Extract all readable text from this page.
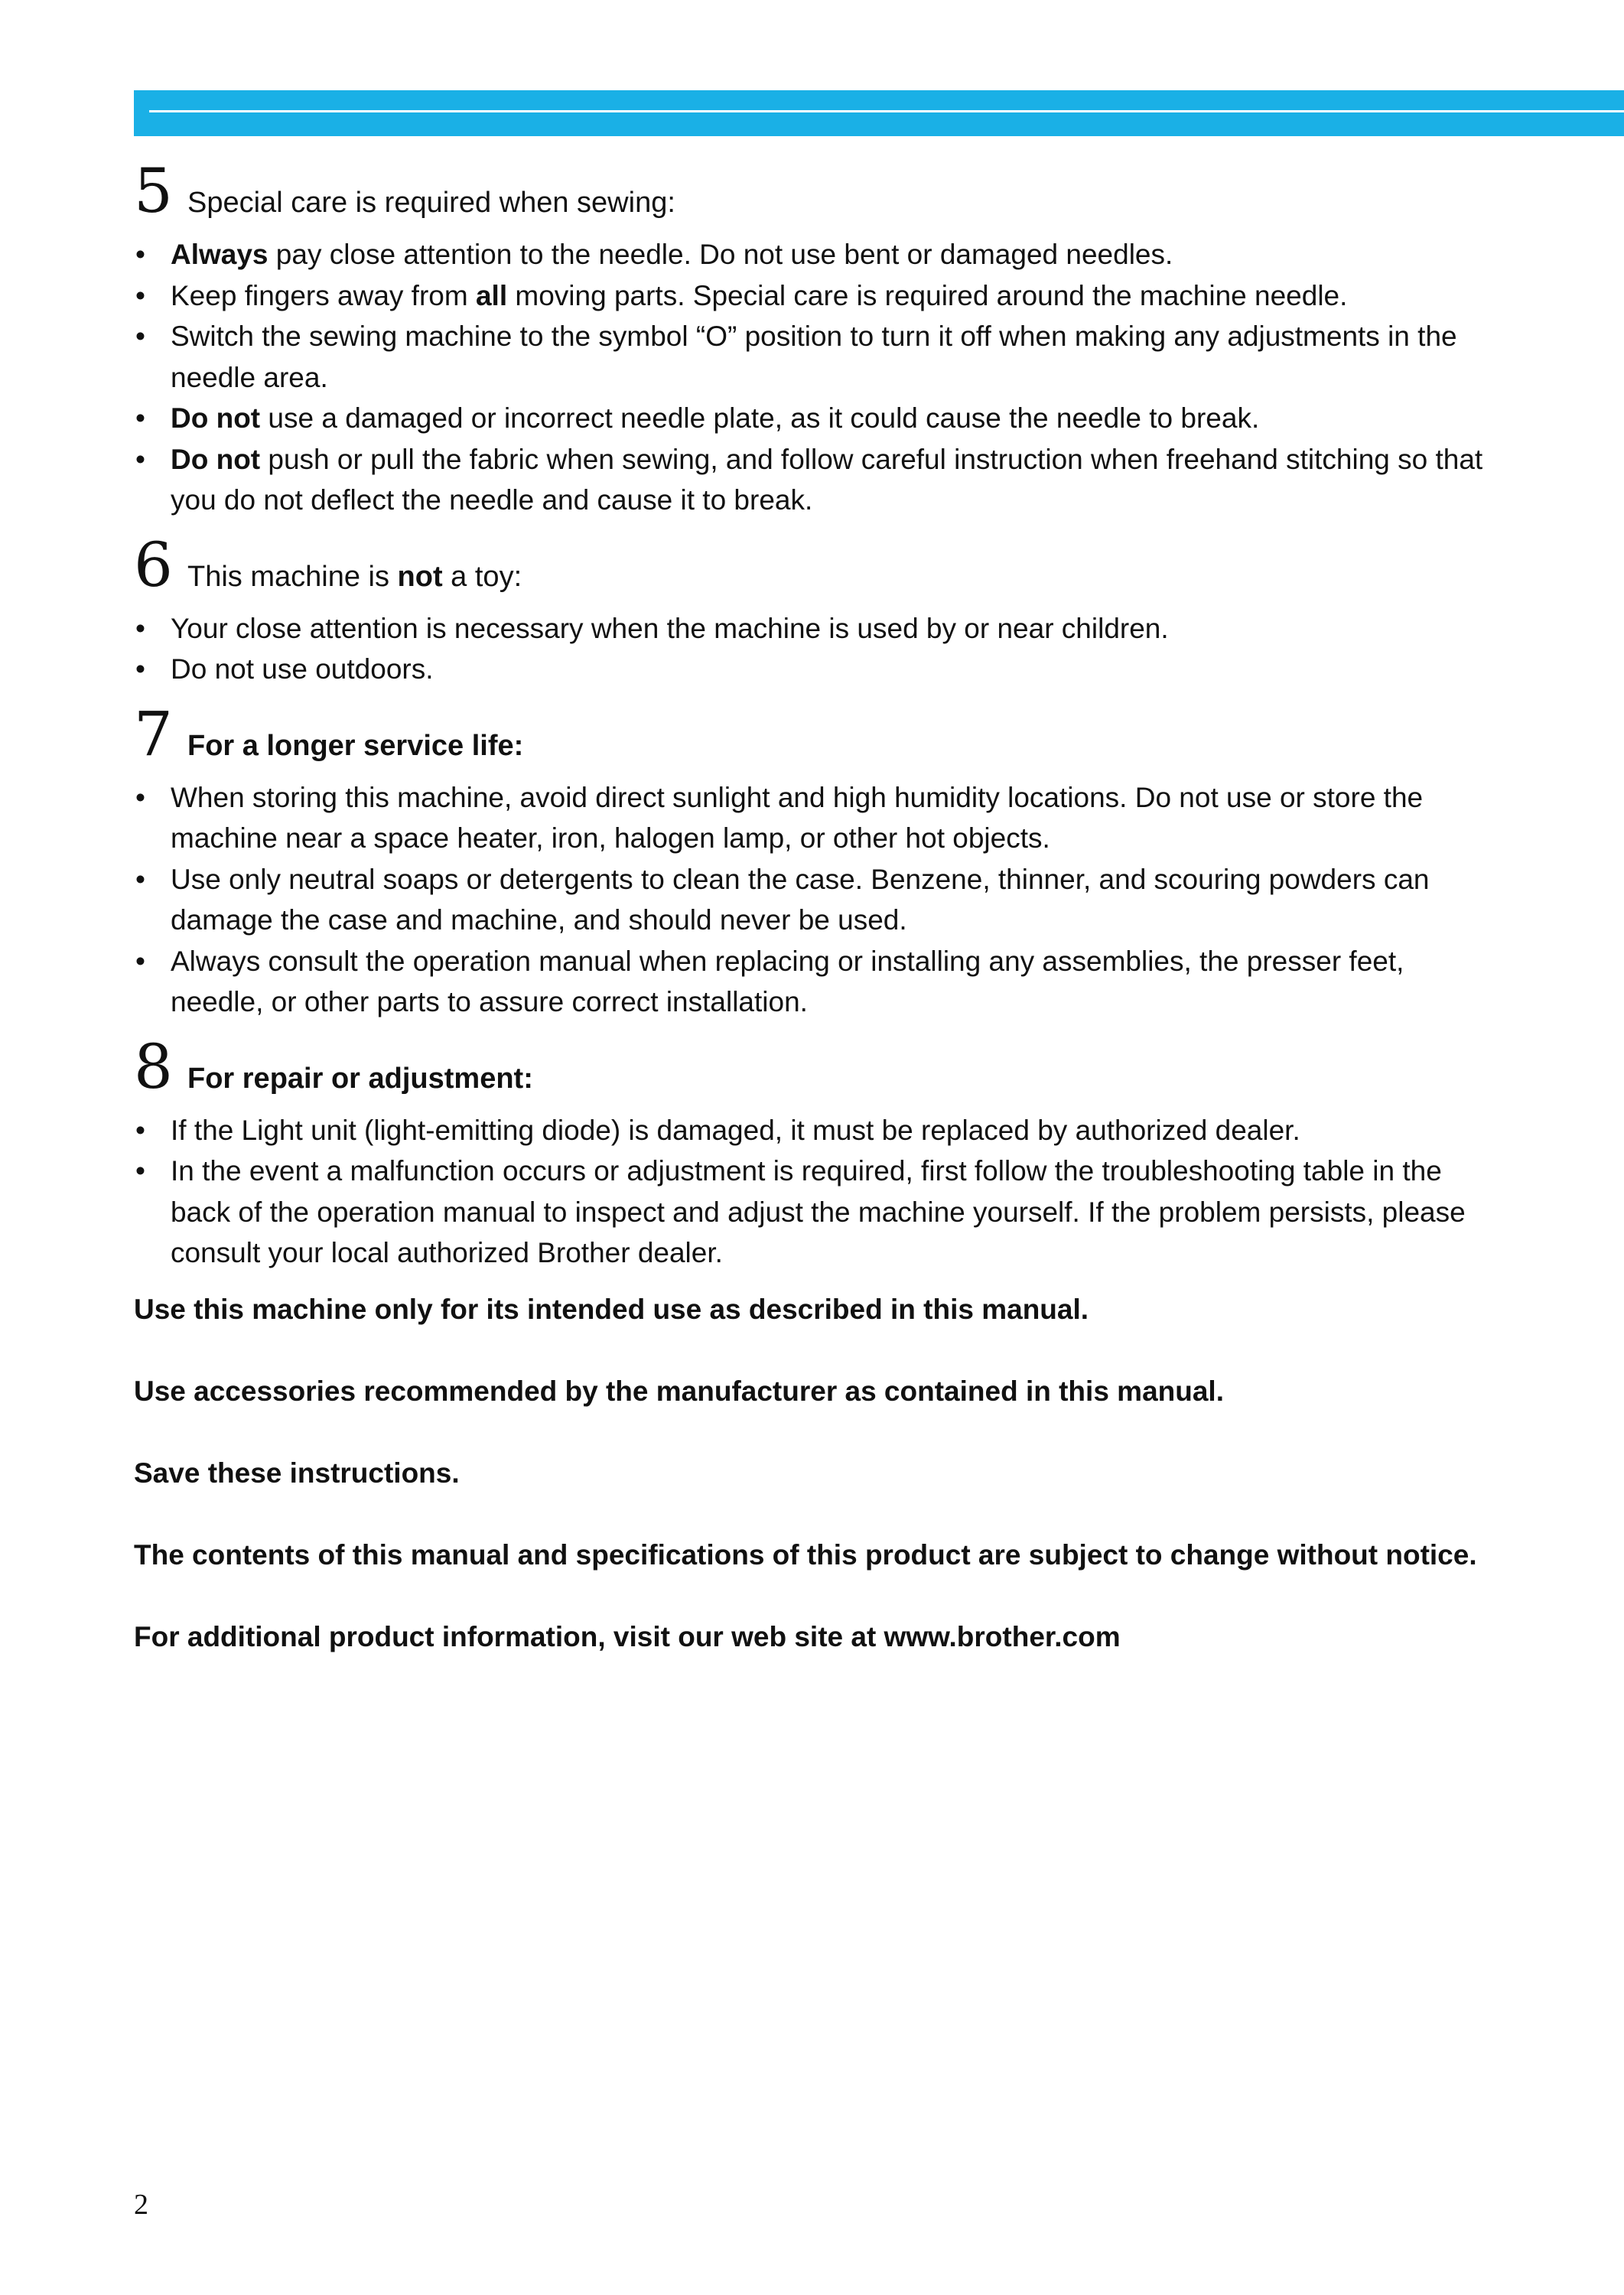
5 Special care is required when sewing:
• Always pay close attention to the needle. Do not use bent or damaged needles.
• Keep fingers away from all moving parts. Special care is required around the machine needle.
• Switch the sewing machine to the symbol “O” position to turn it off when making any adjustments in the needle area.
• Do not use a damaged or incorrect needle plate, as it could cause the needle to break.
• Do not push or pull the fabric when sewing, and follow careful instruction when freehand stitching so that you do not deflect the needle and cause it to break.
6 This machine is not a toy:
• Your close attention is necessary when the machine is used by or near children.
• Do not use outdoors.
7 For a longer service life:
• When storing this machine, avoid direct sunlight and high humidity locations. Do not use or store the machine near a space heater, iron, halogen lamp, or other hot objects.
• Use only neutral soaps or detergents to clean the case. Benzene, thinner, and scouring powders can damage the case and machine, and should never be used.
• Always consult the operation manual when replacing or installing any assemblies, the presser feet, needle, or other parts to assure correct installation.
8 For repair or adjustment:
• If the Light unit (light-emitting diode) is damaged, it must be replaced by authorized dealer.
• In the event a malfunction occurs or adjustment is required, first follow the troubleshooting table in the back of the operation manual to inspect and adjust the machine yourself. If the problem persists, please consult your local authorized Brother dealer.

Use this machine only for its intended use as described in this manual.

Use accessories recommended by the manufacturer as contained in this manual.

Save these instructions.

The contents of this manual and specifications of this product are subject to change without notice.

For additional product information, visit our web site at www.brother.com

2
